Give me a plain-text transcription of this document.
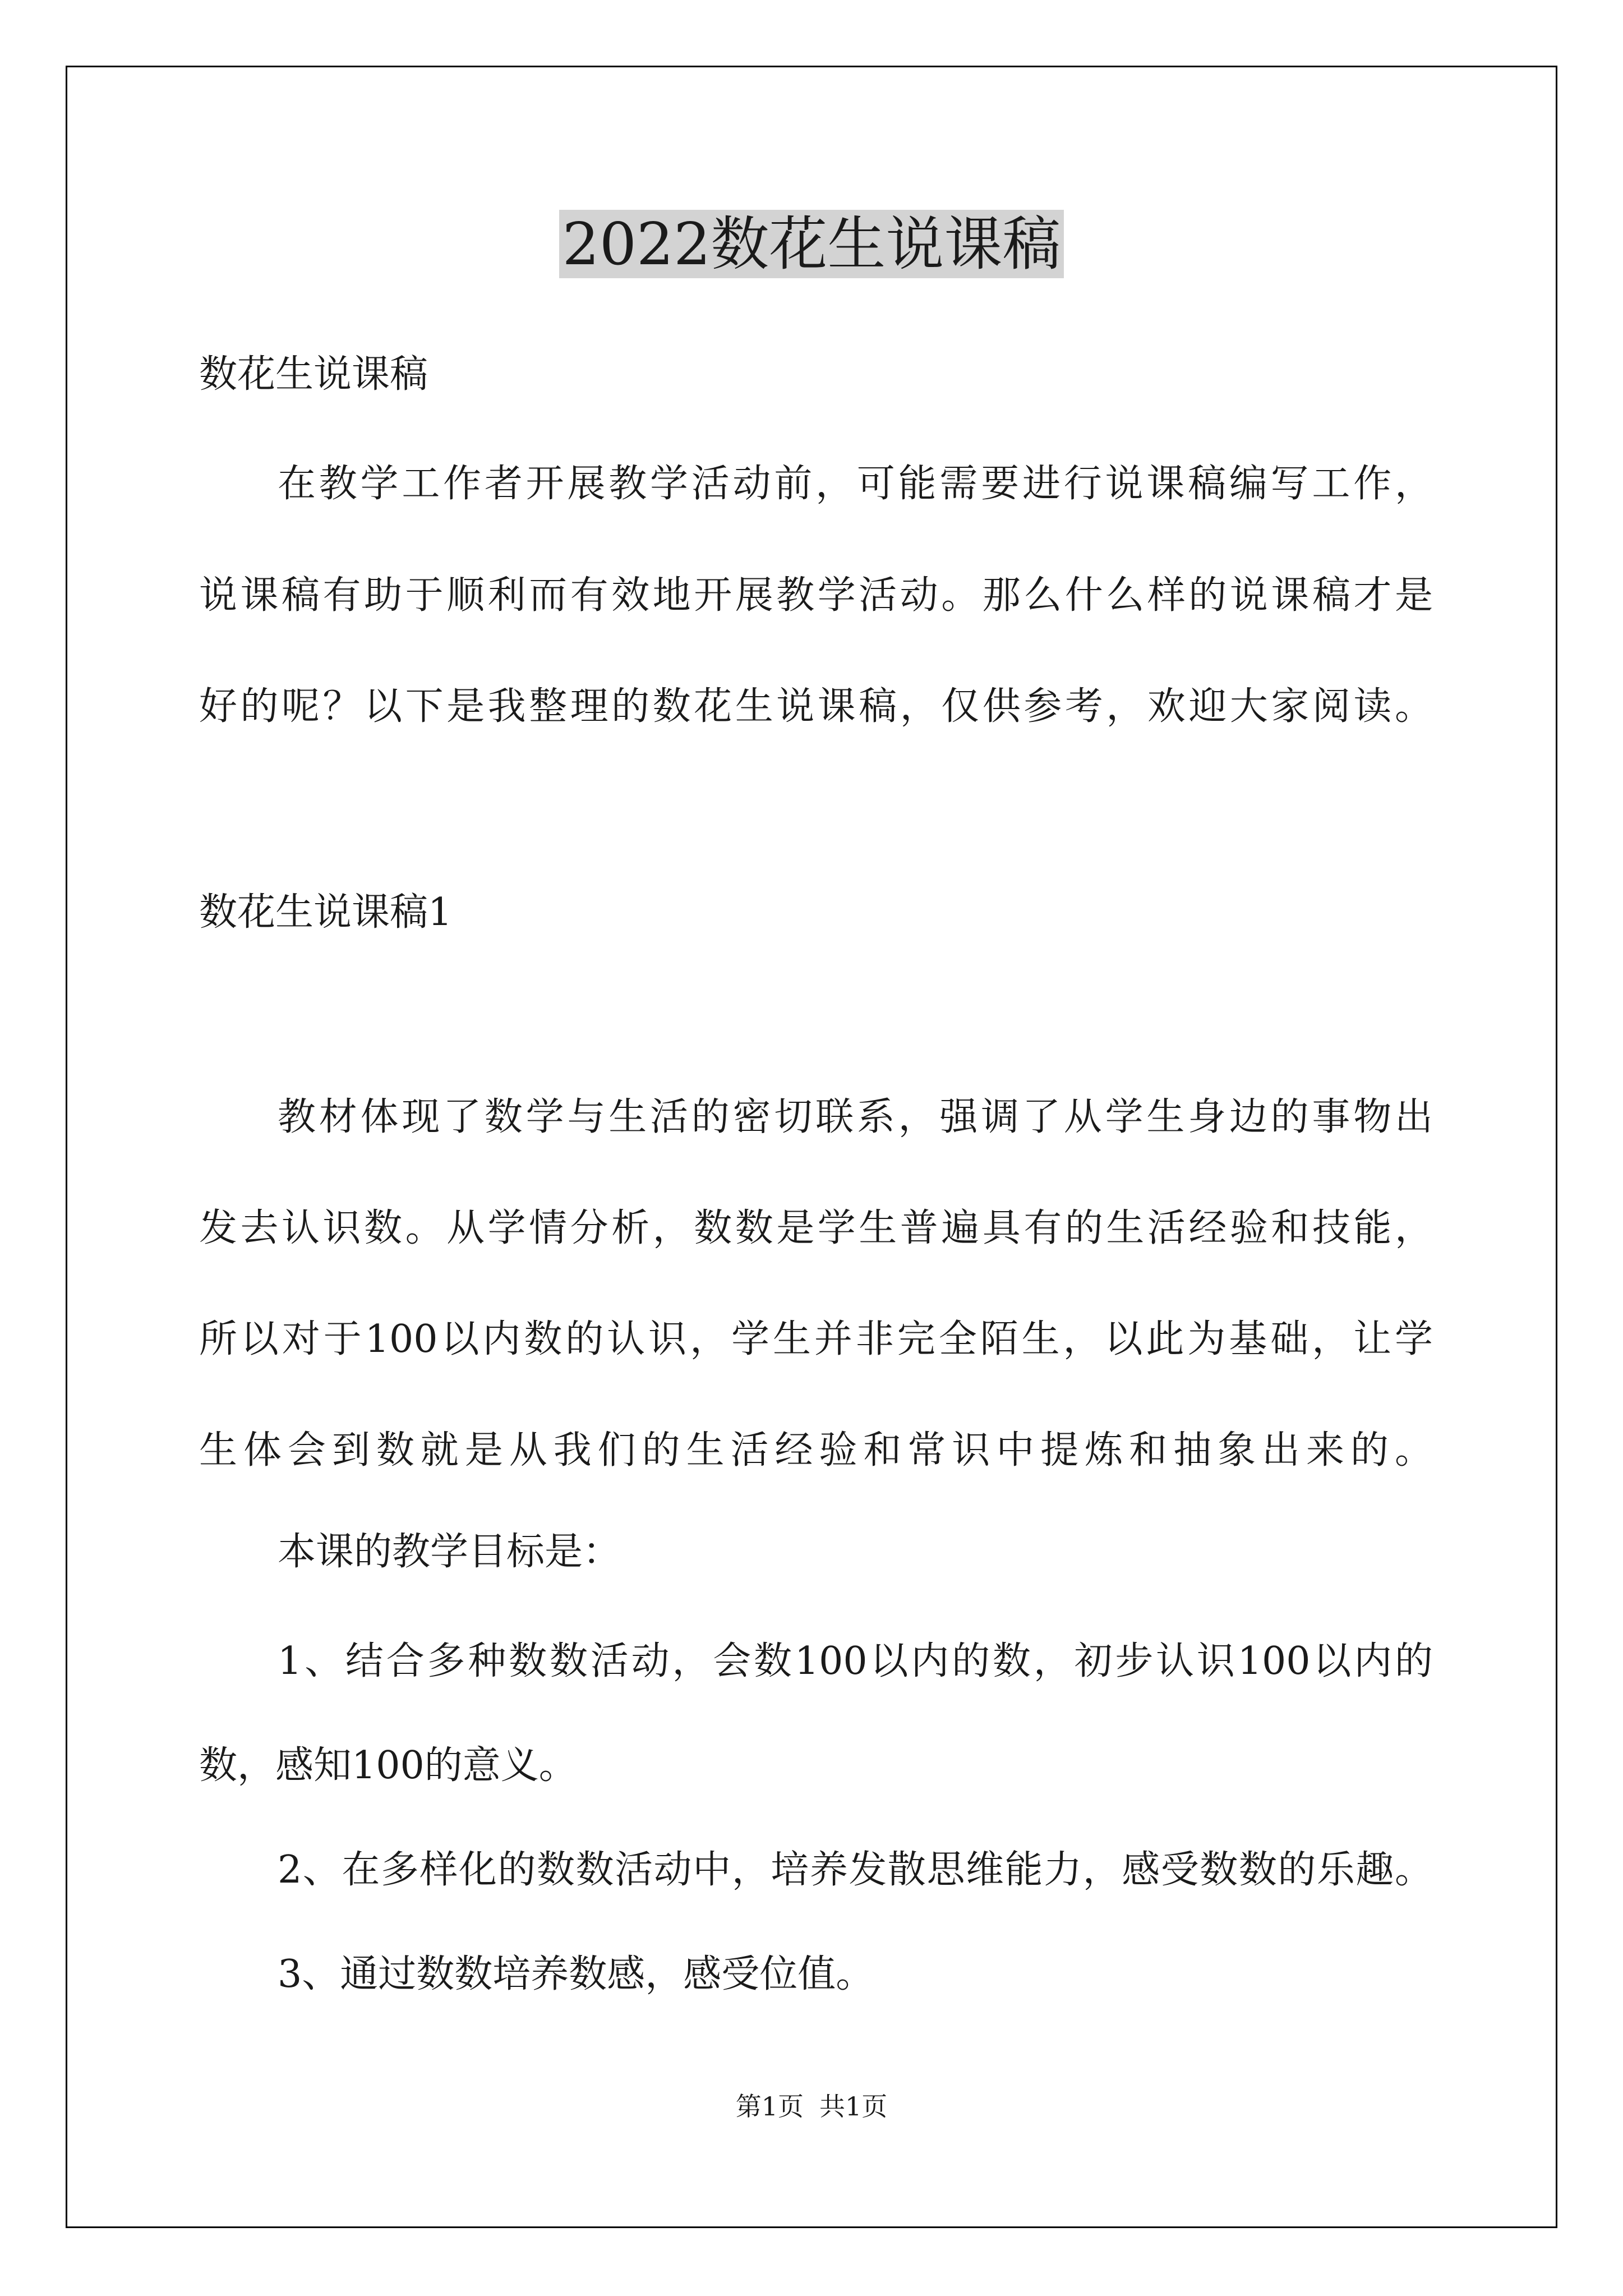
2022数花生说课稿

数花生说课稿

在教学工作者开展教学活动前，可能需要进行说课稿编写工作，

说课稿有助于顺利而有效地开展教学活动。那么什么样的说课稿才是

好的呢？以下是我整理的数花生说课稿，仅供参考，欢迎大家阅读。

数花生说课稿1

教材体现了数学与生活的密切联系，强调了从学生身边的事物出

发去认识数。从学情分析，数数是学生普遍具有的生活经验和技能，

所以对于100以内数的认识，学生并非完全陌生，以此为基础，让学

生体会到数就是从我们的生活经验和常识中提炼和抽象出来的。

本课的教学目标是：

1、结合多种数数活动，会数100以内的数，初步认识100以内的

数，感知100的意义。

2、在多样化的数数活动中，培养发散思维能力，感受数数的乐趣。

3、通过数数培养数感，感受位值。

第1页 共1页
